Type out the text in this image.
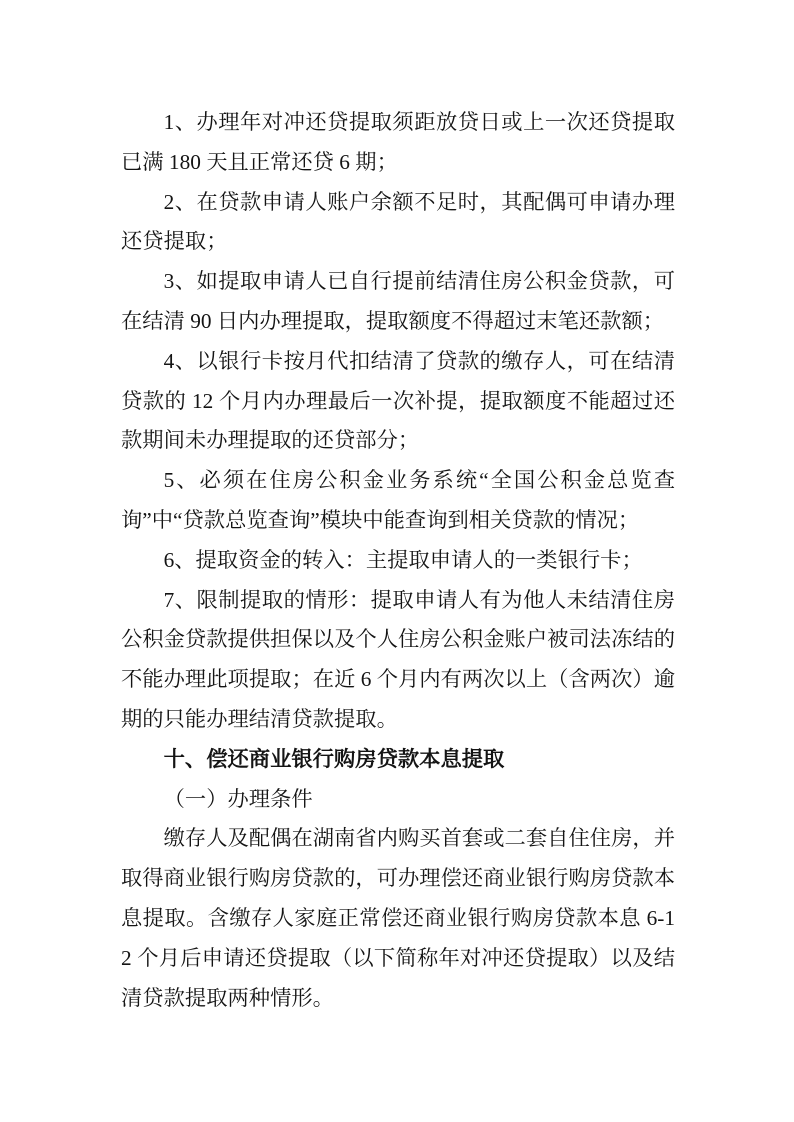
1、办理年对冲还贷提取须距放贷日或上一次还贷提取已满 180 天且正常还贷 6 期；

2、在贷款申请人账户余额不足时，其配偶可申请办理还贷提取；

3、如提取申请人已自行提前结清住房公积金贷款，可在结清 90 日内办理提取，提取额度不得超过末笔还款额；

4、以银行卡按月代扣结清了贷款的缴存人，可在结清贷款的 12 个月内办理最后一次补提，提取额度不能超过还款期间未办理提取的还贷部分；

5、必须在住房公积金业务系统“全国公积金总览查询”中“贷款总览查询”模块中能查询到相关贷款的情况；

6、提取资金的转入：主提取申请人的一类银行卡；

7、限制提取的情形：提取申请人有为他人未结清住房公积金贷款提供担保以及个人住房公积金账户被司法冻结的不能办理此项提取；在近 6 个月内有两次以上（含两次）逾期的只能办理结清贷款提取。

十、偿还商业银行购房贷款本息提取

（一）办理条件

缴存人及配偶在湖南省内购买首套或二套自住住房，并取得商业银行购房贷款的，可办理偿还商业银行购房贷款本息提取。含缴存人家庭正常偿还商业银行购房贷款本息 6-12 个月后申请还贷提取（以下简称年对冲还贷提取）以及结清贷款提取两种情形。
